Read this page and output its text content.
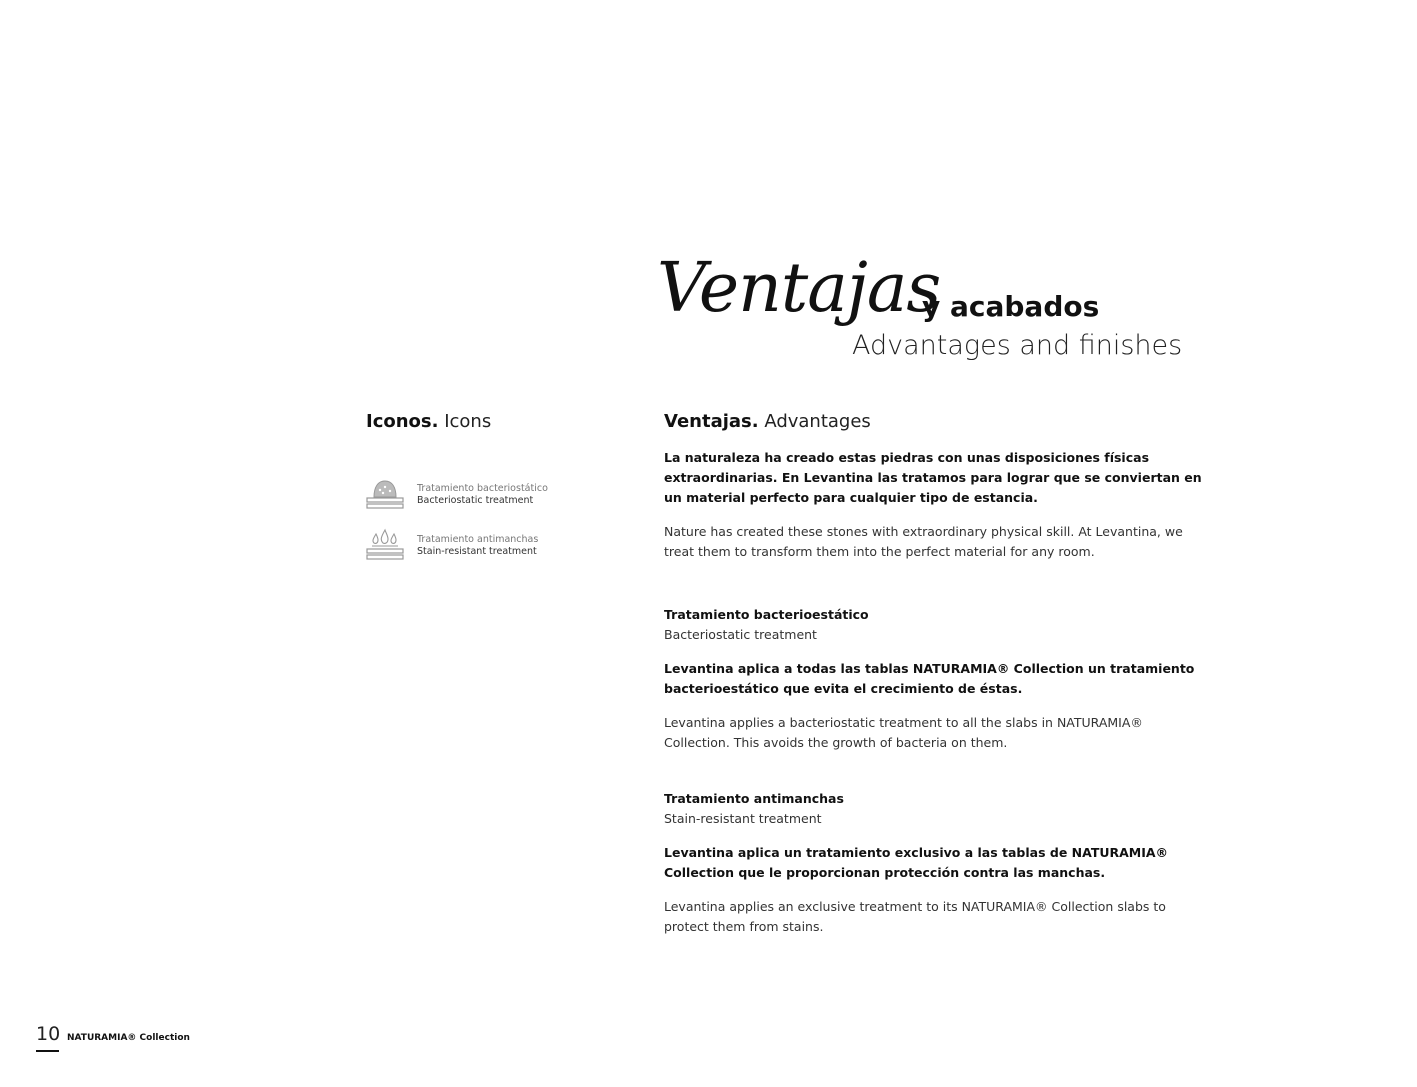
Ventajas
y acabados
Advantages and finishes

Iconos. Icons

Tratamiento bacteriostático
Bacteriostatic treatment
Tratamiento antimanchas
Stain-resistant treatment

Ventajas. Advantages

La naturaleza ha creado estas piedras con unas disposiciones físicas extraordinarias. En Levantina las tratamos para lograr que se conviertan en un material perfecto para cualquier tipo de estancia.

Nature has created these stones with extraordinary physical skill. At Levantina, we treat them to transform them into the perfect material for any room.

Tratamiento bacterioestático

Bacteriostatic treatment

Levantina aplica a todas las tablas NATURAMIA® Collection un tratamiento bacterioestático que evita el crecimiento de éstas.

Levantina applies a bacteriostatic treatment to all the slabs in NATURAMIA® Collection. This avoids the growth of bacteria on them.

Tratamiento antimanchas

Stain-resistant treatment

Levantina aplica un tratamiento exclusivo a las tablas de NATURAMIA® Collection que le proporcionan protección contra las manchas.

Levantina applies an exclusive treatment to its NATURAMIA® Collection slabs to protect them from stains.

10 NATURAMIA® Collection
